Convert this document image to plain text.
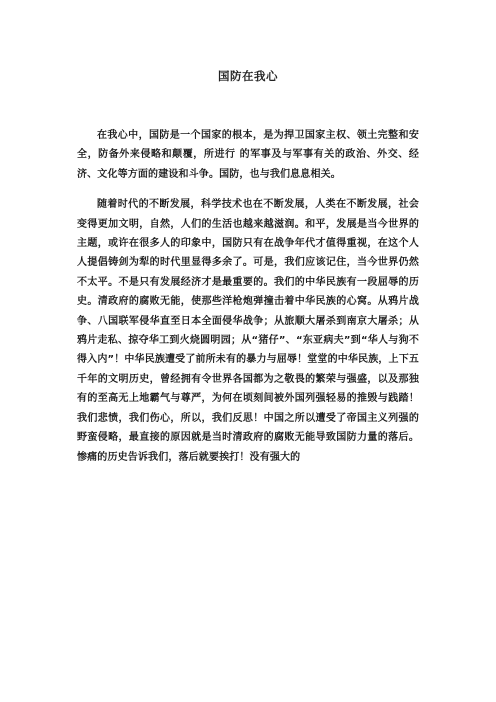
国防在我心

在我心中，国防是一个国家的根本，是为捍卫国家主权、领土完整和安全，防备外来侵略和颠覆，所进行 的军事及与军事有关的政治、外交、经济、文化等方面的建设和斗争。国防，也与我们息息相关。

随着时代的不断发展，科学技术也在不断发展，人类在不断发展，社会变得更加文明，自然，人们的生活也越来越滋润。和平，发展是当今世界的主题，或许在很多人的印象中，国防只有在战争年代才值得重视，在这个人人提倡铸剑为犁的时代里显得多余了。可是，我们应该记住，当今世界仍然不太平。不是只有发展经济才是最重要的。我们的中华民族有一段屈辱的历史。清政府的腐败无能，使那些洋枪炮弹撞击着中华民族的心窝。从鸦片战争、八国联军侵华直至日本全面侵华战争；从旅顺大屠杀到南京大屠杀；从鸦片走私、掠夺华工到火烧圆明园；从“猪仔”、“东亚病夫”到“华人与狗不得入内”！中华民族遭受了前所未有的暴力与屈辱！堂堂的中华民族，上下五千年的文明历史，曾经拥有令世界各国都为之敬畏的繁荣与强盛，以及那独有的至高无上地霸气与尊严，为何在顷刻间被外国列强轻易的推毁与践踏！我们悲愤，我们伤心，所以，我们反思！中国之所以遭受了帝国主义列强的野蛮侵略，最直接的原因就是当时清政府的腐败无能导致国防力量的落后。惨痛的历史告诉我们，落后就要挨打！没有强大的
